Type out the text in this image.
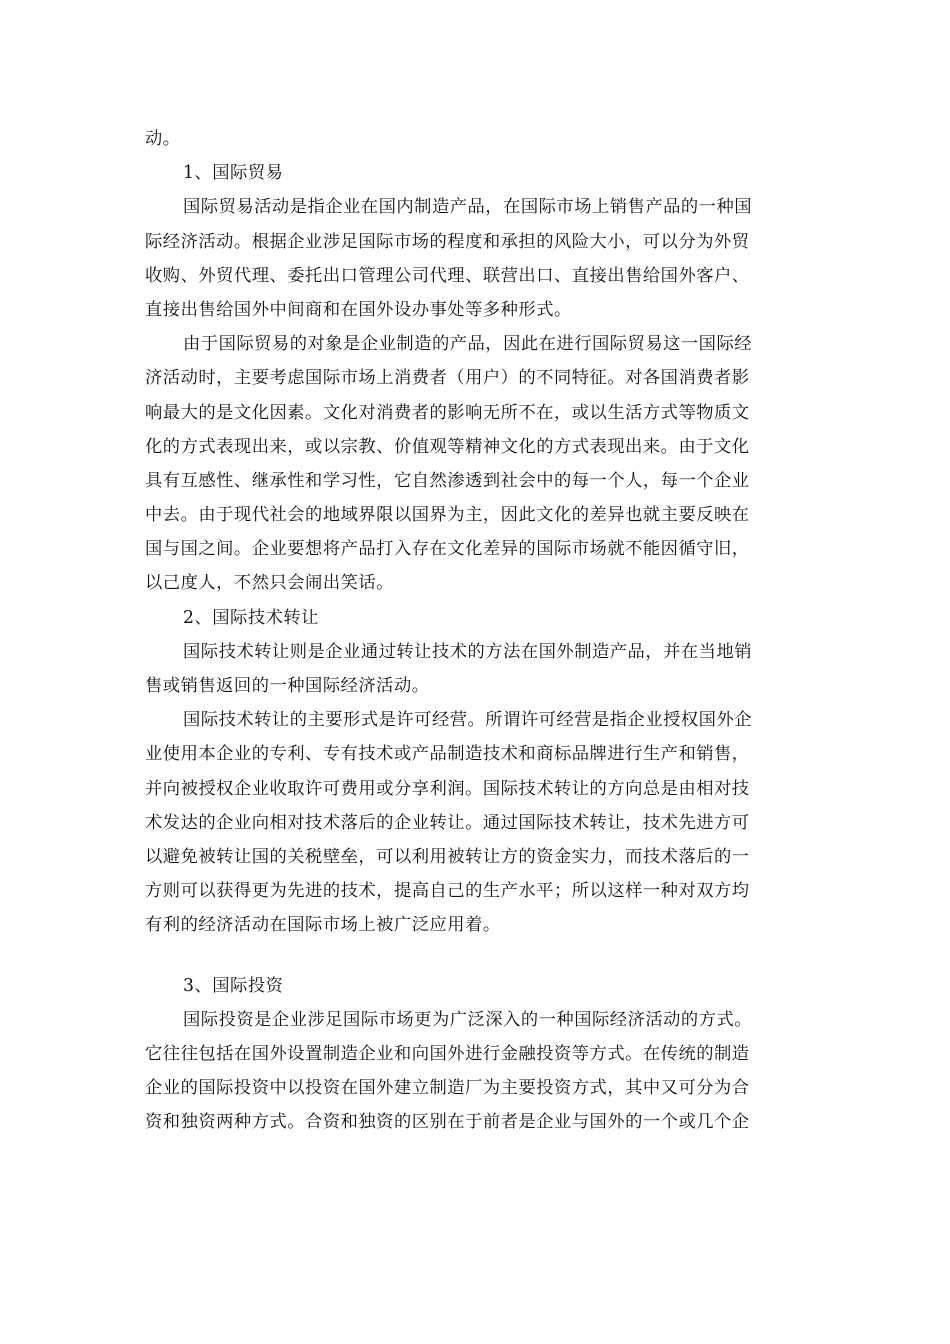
动。
1、国际贸易
国际贸易活动是指企业在国内制造产品，在国际市场上销售产品的一种国
际经济活动。根据企业涉足国际市场的程度和承担的风险大小，可以分为外贸
收购、外贸代理、委托出口管理公司代理、联营出口、直接出售给国外客户、
直接出售给国外中间商和在国外设办事处等多种形式。
由于国际贸易的对象是企业制造的产品，因此在进行国际贸易这一国际经
济活动时，主要考虑国际市场上消费者（用户）的不同特征。对各国消费者影
响最大的是文化因素。文化对消费者的影响无所不在，或以生活方式等物质文
化的方式表现出来，或以宗教、价值观等精神文化的方式表现出来。由于文化
具有互感性、继承性和学习性，它自然渗透到社会中的每一个人，每一个企业
中去。由于现代社会的地域界限以国界为主，因此文化的差异也就主要反映在
国与国之间。企业要想将产品打入存在文化差异的国际市场就不能因循守旧，
以己度人，不然只会闹出笑话。
2、国际技术转让
国际技术转让则是企业通过转让技术的方法在国外制造产品，并在当地销
售或销售返回的一种国际经济活动。
国际技术转让的主要形式是许可经营。所谓许可经营是指企业授权国外企
业使用本企业的专利、专有技术或产品制造技术和商标品牌进行生产和销售，
并向被授权企业收取许可费用或分享利润。国际技术转让的方向总是由相对技
术发达的企业向相对技术落后的企业转让。通过国际技术转让，技术先进方可
以避免被转让国的关税壁垒，可以利用被转让方的资金实力，而技术落后的一
方则可以获得更为先进的技术，提高自己的生产水平；所以这样一种对双方均
有利的经济活动在国际市场上被广泛应用着。
3、国际投资
国际投资是企业涉足国际市场更为广泛深入的一种国际经济活动的方式。
它往往包括在国外设置制造企业和向国外进行金融投资等方式。在传统的制造
企业的国际投资中以投资在国外建立制造厂为主要投资方式，其中又可分为合
资和独资两种方式。合资和独资的区别在于前者是企业与国外的一个或几个企
